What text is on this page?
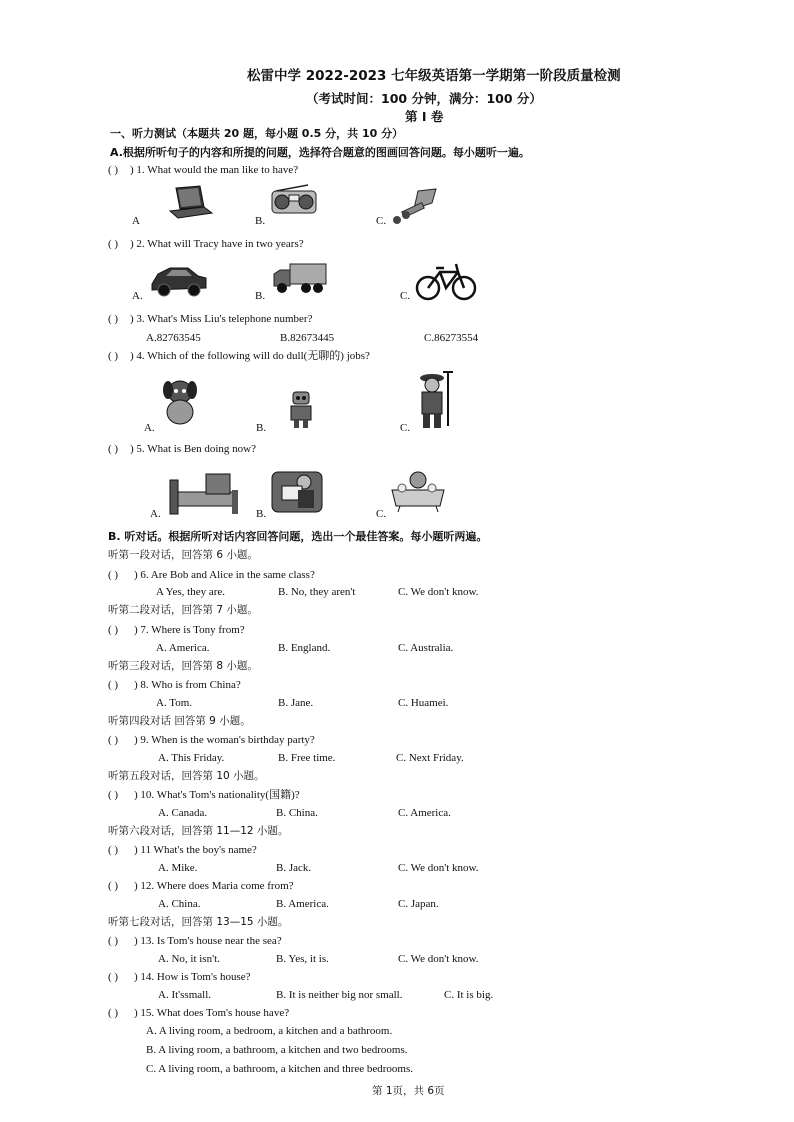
松雷中学 2022-2023 七年级英语第一学期第一阶段质量检测
（考试时间：100 分钟，满分：100 分）
第 I 卷
一、听力测试（本题共 20 题，每小题 0.5 分，共 10 分）
A.根据所听句子的内容和所提的问题，选择符合题意的图画回答问题。每小题听一遍。
( ) ) 1. What would the man like to have?
A	B.	C.
( ) ) 2. What will Tracy have in two years?
A.	B.	C.
( ) ) 3. What's Miss Liu's telephone number?
A.82763545	B.82673445	C.86273554
( ) ) 4. Which of the following will do dull(无聊的) jobs?
A.	B.	C.
( ) ) 5. What is Ben doing now?
A.	B.	C.
B. 听对话。根据所听对话内容回答问题，选出一个最佳答案。每小题听两遍。
听第一段对话，回答第 6 小题。
( ) ) 6. Are Bob and Alice in the same class?
A Yes, they are.	B. No, they aren't	C. We don't know.
听第二段对话，回答第 7 小题。
( ) ) 7. Where is Tony from?
A. America.	B. England.	C. Australia.
听第三段对话，回答第 8 小题。
( ) ) 8. Who is from China?
A. Tom.	B. Jane.	C. Huamei.
听第四段对话 回答第 9 小题。
( ) ) 9. When is the woman's birthday party?
A. This Friday.	B. Free time.	C. Next Friday.
听第五段对话，回答第 10 小题。
( ) ) 10. What's Tom's nationality(国籍)?
A. Canada.	B. China.	C. America.
听第六段对话，回答第 11—12 小题。
( ) ) 11 What's the boy's name?
A. Mike.	B. Jack.	C. We don't know.
( ) ) 12. Where does Maria come from?
A. China.	B. America.	C. Japan.
听第七段对话，回答第 13—15 小题。
( ) ) 13. Is Tom's house near the sea?
A. No, it isn't.	B. Yes, it is.	C. We don't know.
( ) ) 14. How is Tom's house?
A. It'ssmall.	B. It is neither big nor small.	C. It is big.
( ) ) 15. What does Tom's house have?
A. A living room, a bedroom, a kitchen and a bathroom.
B. A living room, a bathroom, a kitchen and two bedrooms.
C. A living room, a bathroom, a kitchen and three bedrooms.
第 1页，共 6页
